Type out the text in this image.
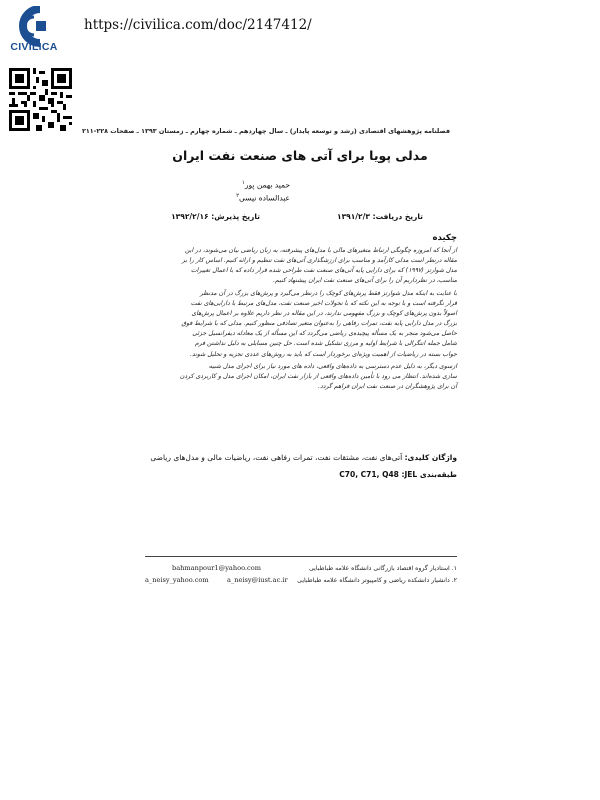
CIVILICA
https://civilica.com/doc/2147412/
فصلنامه پژوهشهای اقتصادی (رشد و توسعه پایدار) ـ سال چهاردهم ـ شماره چهارم ـ زمستان ۱۳۹۳ ـ صفحات ۲۲۸-۲۱۱
مدلی پویا برای آتی های صنعت نفت ایران
حمید بهمن پور$^۱$
عبدالساده نیسی$^۲$
تاریخ دریافت: ۱۳۹۱/۲/۳
تاریخ پذیرش: ۱۳۹۲/۲/۱۶
چکیده
از آنجا که امروزه چگونگی ارتباط متغیرهای مالی با مدل‌های پیشرفته، به زبان ریاضی بیان می‌شوند، در این
مقاله درنظر است مدلی کارآمد و مناسب برای ارزشگذاری آتی‌های نفت تنظیم و ارائه کنیم. اساس کار را بر
مدل شوارتز (۱۹۹۷) که برای دارایی پایه آتی‌های صنعت نفت طراحی شده قرار داده که با اعمال تغییرات
مناسب، در نظرداریم آن را برای آتی‌های صنعت نفت ایران پیشنهاد کنیم.
با عنایت به اینکه مدل شوارتز فقط پرش‌های کوچک را درنظر می‌گیرد و پرش‌های بزرگ در آن مدنظر
قرار نگرفته است و با توجه به این نکته که با تحولات اخیر صنعت نفت، مدل‌های مرتبط با دارایی‌های نفت
اصولاً بدون پرش‌های کوچک و بزرگ مفهومی ندارند، در این مقاله در نظر داریم علاوه بر اعمال پرش‌های
بزرگ در مدل دارایی پایه نفت، تمرات رفاهی را به‌عنوان متغیر تصادفی منظور کنیم. مدلی که با شرایط فوق
حاصل می‌شود منجر به یک مسأله پیچیده‌ی ریاضی می‌گردد که این مسأله از یک معادله دیفرانسیل جزئی
شامل جمله انتگرالی با شرایط اولیه و مرزی تشکیل شده است. حل چنین مسایلی به دلیل نداشتن فرم
جواب بسته در ریاضیات از اهمیت ویژه‌ای برخوردار است که باید به روش‌های عددی تجزیه و تحلیل شوند.
ازسوی دیگر، به دلیل عدم دسترسی به داده‌های واقعی، داده های مورد نیاز برای اجرای مدل شبیه
سازی شده‌اند. انتظار می رود با تأمین داده‌های واقعی از بازار نفت ایران، امکان اجرای مدل و کاربردی کردن
آن برای پژوهشگران در صنعت نفت ایران فراهم گردد.
واژگان کلیدی: آتی‌های نفت، مشتقات نفت، تمرات رفاهی نفت، ریاضیات مالی و مدل‌های ریاضی
طبقه‌بندی JEL: C70, C71, Q48
۱. استادیار گروه اقتصاد بازرگانی دانشگاه علامه طباطبایی
bahmanpour1@yahoo.com
۲. دانشیار دانشکده ریاضی و کامپیوتر دانشگاه علامه طباطبایی
a_neisy@iust.ac.ir
a_neisy_yahoo.com
